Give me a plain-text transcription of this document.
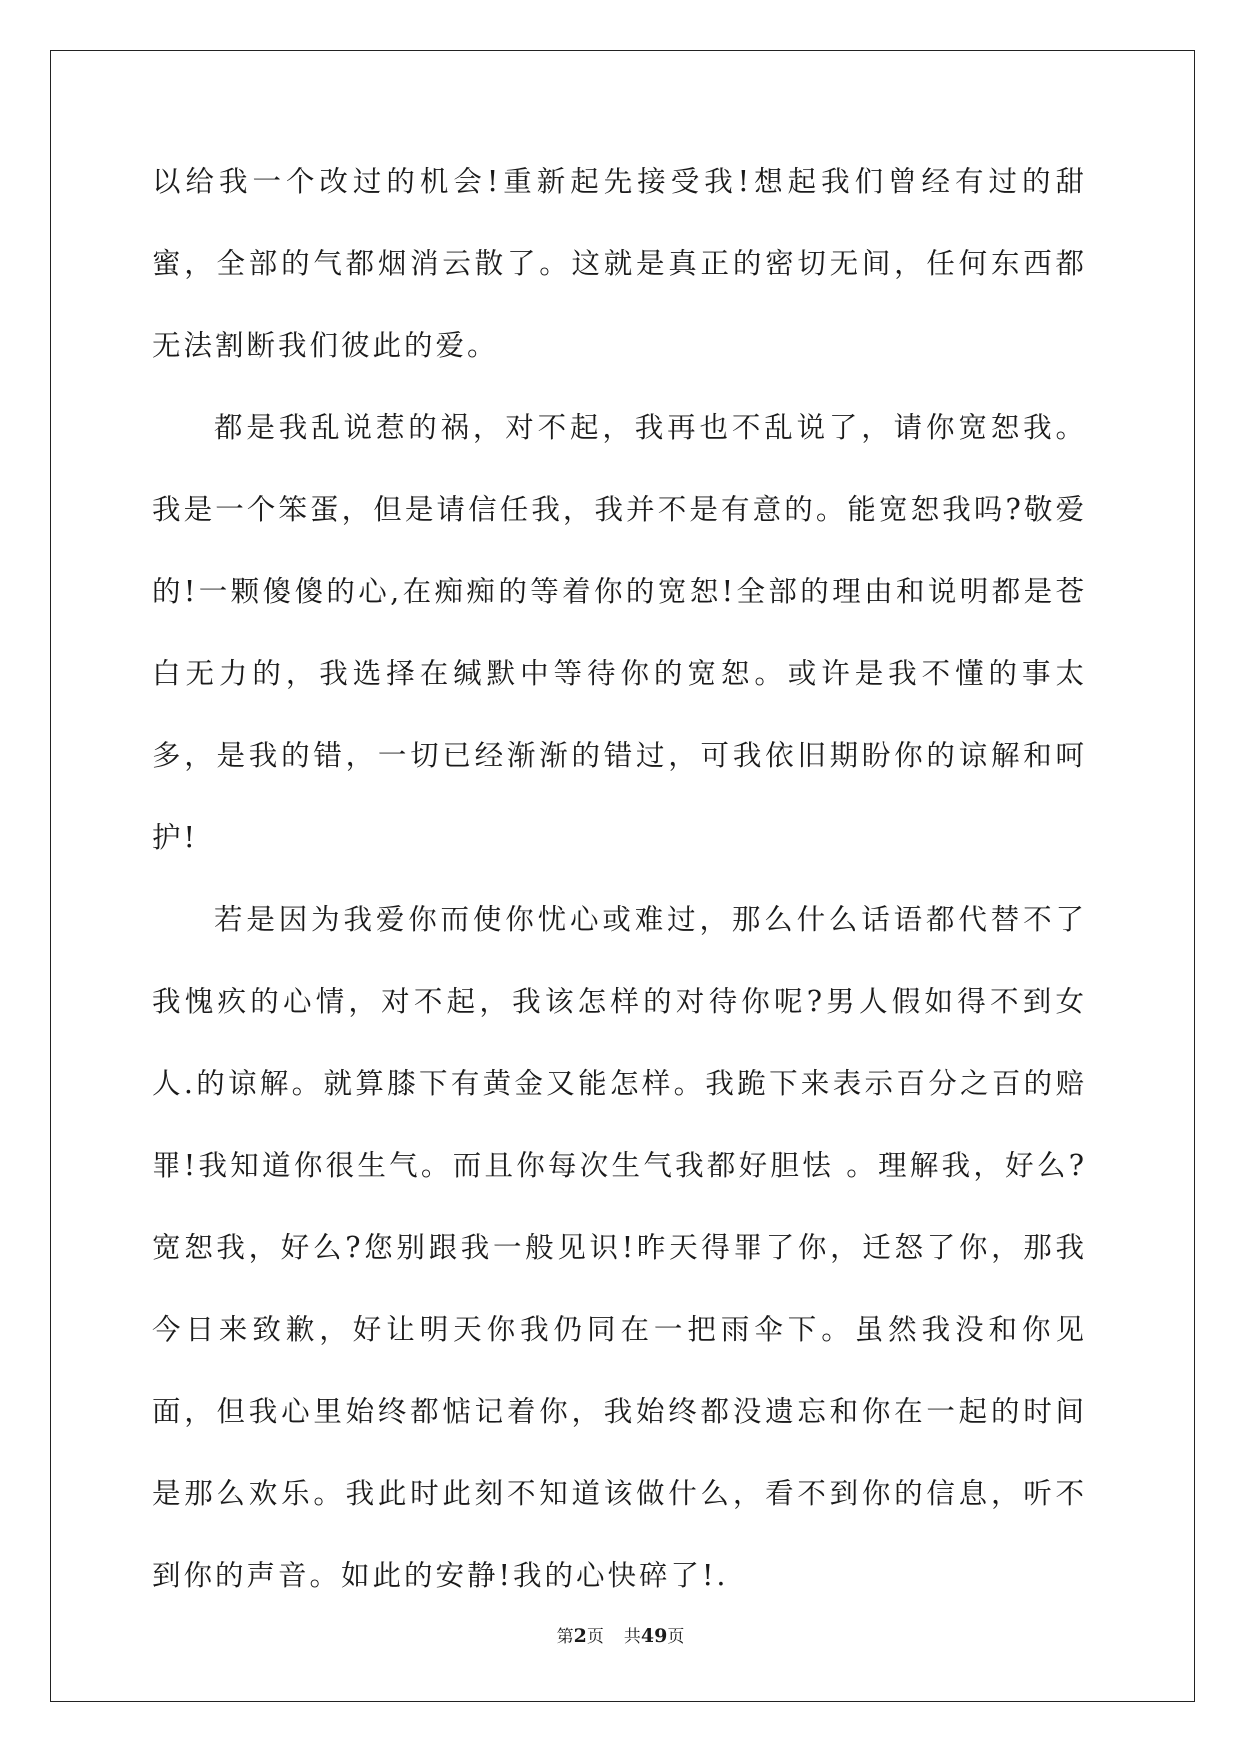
以给我一个改过的机会!重新起先接受我!想起我们曾经有过的甜蜜，全部的气都烟消云散了。这就是真正的密切无间，任何东西都无法割断我们彼此的爱。

都是我乱说惹的祸，对不起，我再也不乱说了，请你宽恕我。我是一个笨蛋，但是请信任我，我并不是有意的。能宽恕我吗?敬爱的!一颗傻傻的心,在痴痴的等着你的宽恕!全部的理由和说明都是苍白无力的，我选择在缄默中等待你的宽恕。或许是我不懂的事太多，是我的错，一切已经渐渐的错过，可我依旧期盼你的谅解和呵护!

若是因为我爱你而使你忧心或难过，那么什么话语都代替不了我愧疚的心情，对不起，我该怎样的对待你呢?男人假如得不到女人.的谅解。就算膝下有黄金又能怎样。我跪下来表示百分之百的赔罪!我知道你很生气。而且你每次生气我都好胆怯 。理解我，好么?宽恕我，好么?您别跟我一般见识!昨天得罪了你，迁怒了你，那我今日来致歉，好让明天你我仍同在一把雨伞下。虽然我没和你见面，但我心里始终都惦记着你，我始终都没遗忘和你在一起的时间是那么欢乐。我此时此刻不知道该做什么，看不到你的信息，听不到你的声音。如此的安静!我的心快碎了!.

第2页 共49页
